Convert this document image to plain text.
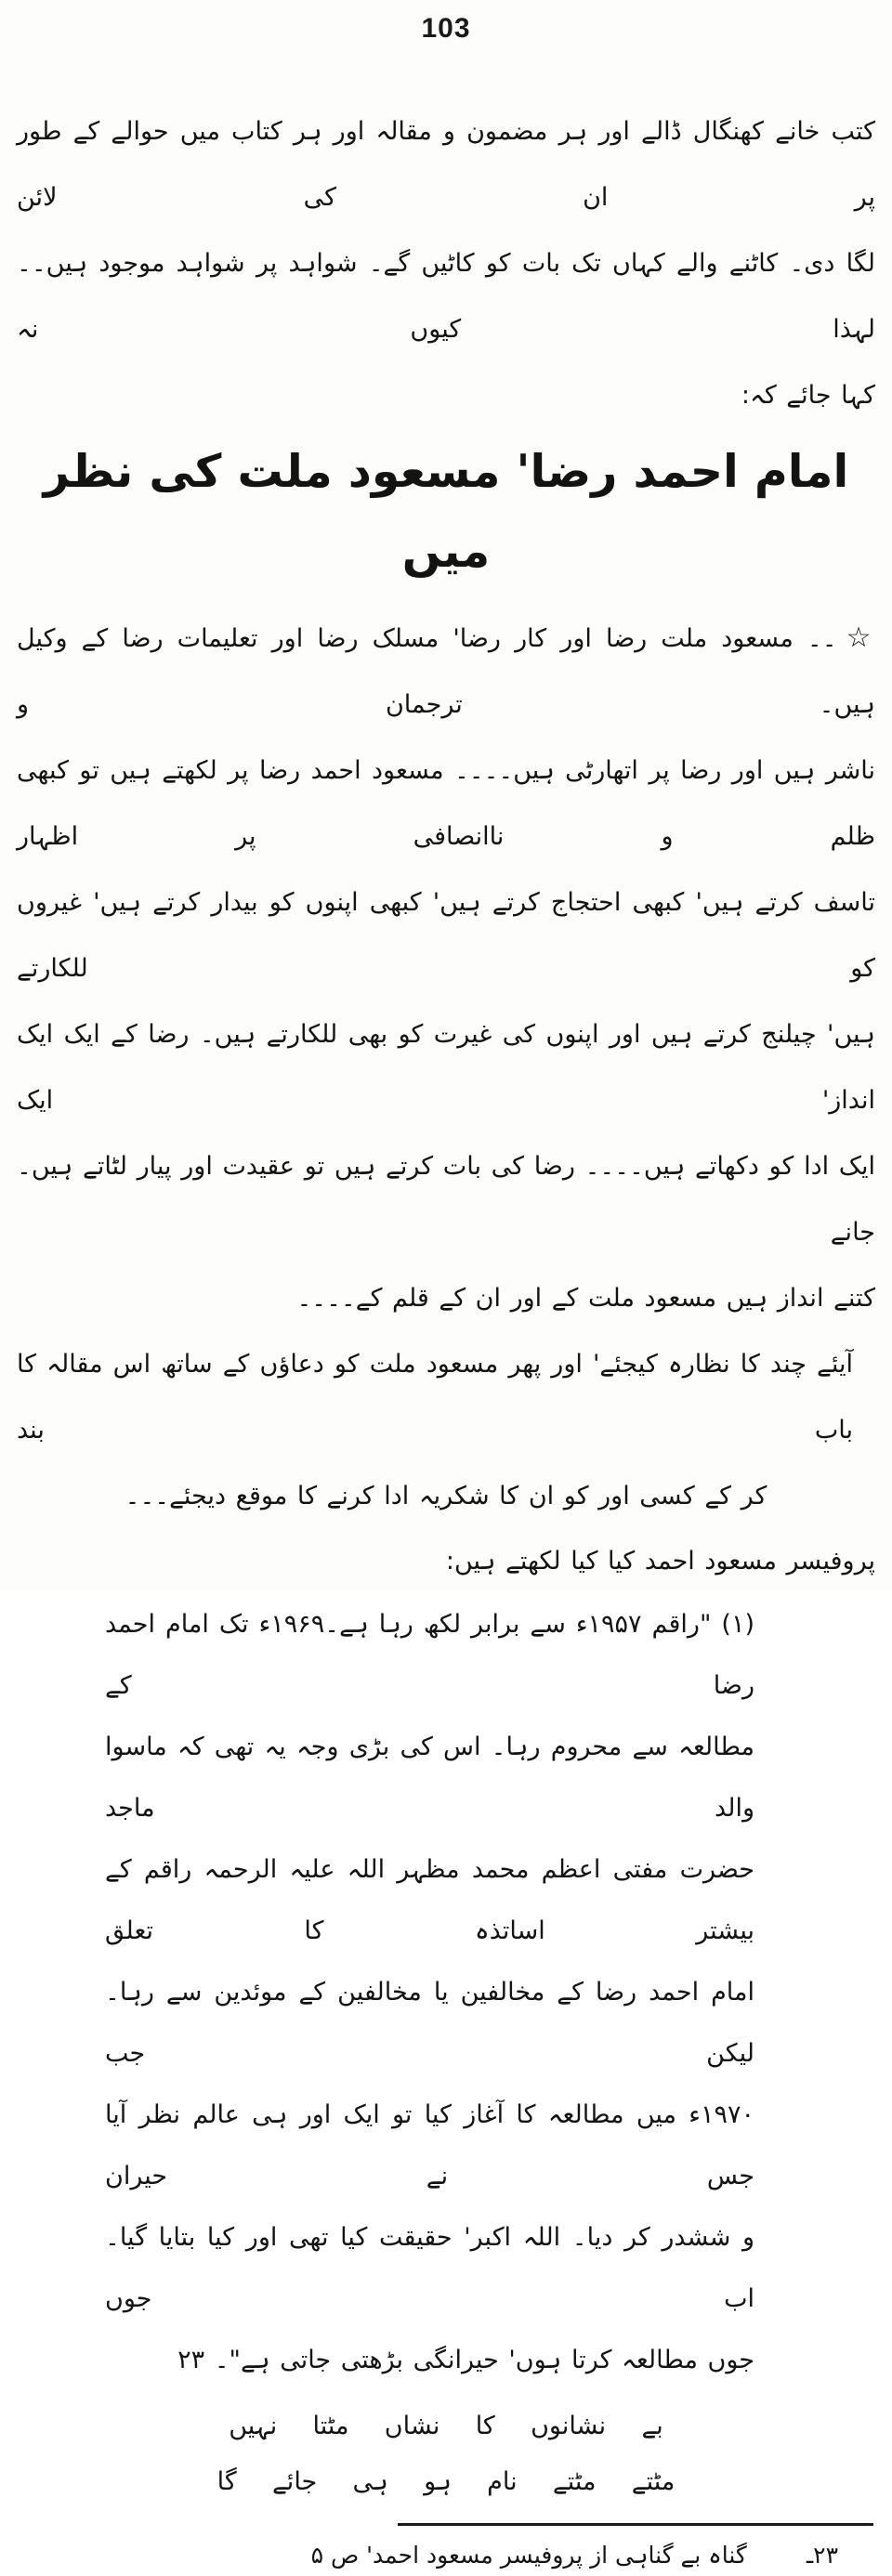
103
کتب خانے کھنگال ڈالے اور ہر مضمون و مقالہ اور ہر کتاب میں حوالے کے طور پر ان کی لائن
لگا دی۔ کاٹنے والے کہاں تک بات کو کاٹیں گے۔ شواہد پر شواہد موجود ہیں۔۔ لہذا کیوں نہ
کہا جائے کہ:
امام احمد رضا' مسعود ملت کی نظر میں
☆۔۔ مسعود ملت رضا اور کار رضا' مسلک رضا اور تعلیمات رضا کے وکیل ہیں۔ ترجمان و
ناشر ہیں اور رضا پر اتھارٹی ہیں۔۔۔۔ مسعود احمد رضا پر لکھتے ہیں تو کبھی ظلم و ناانصافی پر اظہار
تاسف کرتے ہیں' کبھی احتجاج کرتے ہیں' کبھی اپنوں کو بیدار کرتے ہیں' غیروں کو للکارتے
ہیں' چیلنج کرتے ہیں اور اپنوں کی غیرت کو بھی للکارتے ہیں۔ رضا کے ایک ایک انداز' ایک
ایک ادا کو دکھاتے ہیں۔۔۔۔ رضا کی بات کرتے ہیں تو عقیدت اور پیار لٹاتے ہیں۔ جانے
کتنے انداز ہیں مسعود ملت کے اور ان کے قلم کے۔۔۔۔
آیئے چند کا نظارہ کیجئے' اور پھر مسعود ملت کو دعاؤں کے ساتھ اس مقالہ کا باب بند
کر کے کسی اور کو ان کا شکریہ ادا کرنے کا موقع دیجئے۔۔۔
پروفیسر مسعود احمد کیا کیا لکھتے ہیں:
(۱) "راقم ۱۹۵۷ء سے برابر لکھ رہا ہے۔۱۹۶۹ء تک امام احمد رضا کے
مطالعہ سے محروم رہا۔ اس کی بڑی وجہ یہ تھی کہ ماسوا والد ماجد
حضرت مفتی اعظم محمد مظہر اللہ علیہ الرحمہ راقم کے بیشتر اساتذہ کا تعلق
امام احمد رضا کے مخالفین یا مخالفین کے موئدین سے رہا۔ لیکن جب
۱۹۷۰ء میں مطالعہ کا آغاز کیا تو ایک اور ہی عالم نظر آیا جس نے حیران
و ششدر کر دیا۔ اللہ اکبر' حقیقت کیا تھی اور کیا بتایا گیا۔ اب جوں
جوں مطالعہ کرتا ہوں' حیرانگی بڑھتی جاتی ہے"۔ ۲۳
بے نشانوں کا نشاں مٹتا نہیں
مٹتے مٹتے نام ہو ہی جائے گا
۲۳ـ
گناہ بے گناہی از پروفیسر مسعود احمد' ص ۵
